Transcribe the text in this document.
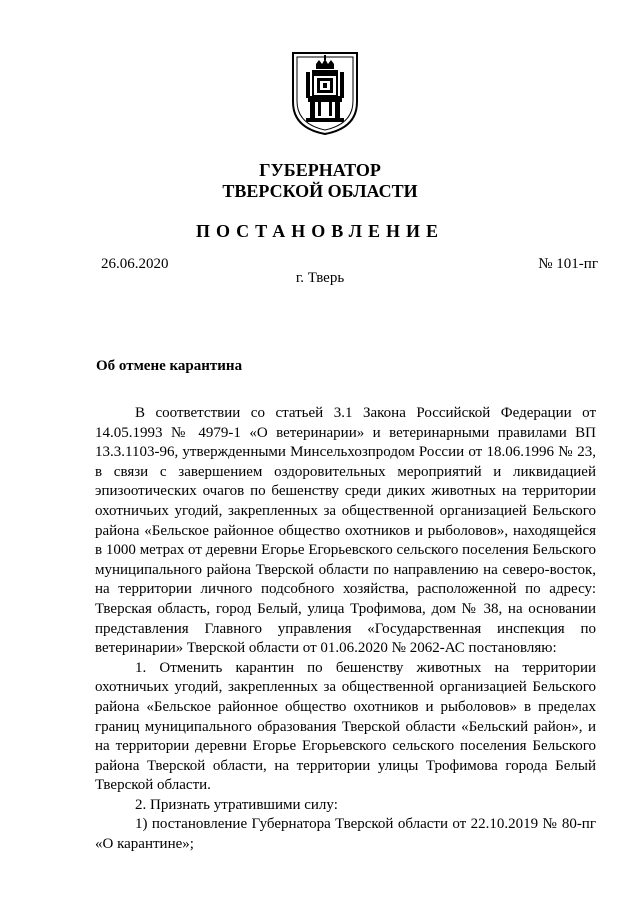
ГУБЕРНАТОР
ТВЕРСКОЙ ОБЛАСТИ
ПОСТАНОВЛЕНИЕ
26.06.2020	№ 101-пг
г. Тверь
Об отмене карантина

В соответствии со статьей 3.1 Закона Российской Федерации от 14.05.1993 № 4979-1 «О ветеринарии» и ветеринарными правилами ВП 13.3.1103-96, утвержденными Минсельхозпродом России от 18.06.1996 № 23, в связи с завершением оздоровительных мероприятий и ликвидацией эпизоотических очагов по бешенству среди диких животных на территории охотничьих угодий, закрепленных за общественной организацией Бельского района «Бельское районное общество охотников и рыболовов», находящейся в 1000 метрах от деревни Егорье Егорьевского сельского поселения Бельского муниципального района Тверской области по направлению на северо-восток, на территории личного подсобного хозяйства, расположенной по адресу: Тверская область, город Белый, улица Трофимова, дом № 38, на основании представления Главного управления «Государственная инспекция по ветеринарии» Тверской области от 01.06.2020 № 2062-АС постановляю:

1. Отменить карантин по бешенству животных на территории охотничьих угодий, закрепленных за общественной организацией Бельского района «Бельское районное общество охотников и рыболовов» в пределах границ муниципального образования Тверской области «Бельский район», и на территории деревни Егорье Егорьевского сельского поселения Бельского района Тверской области, на территории улицы Трофимова города Белый Тверской области.

2. Признать утратившими силу:

1) постановление Губернатора Тверской области от 22.10.2019 № 80-пг «О карантине»;
